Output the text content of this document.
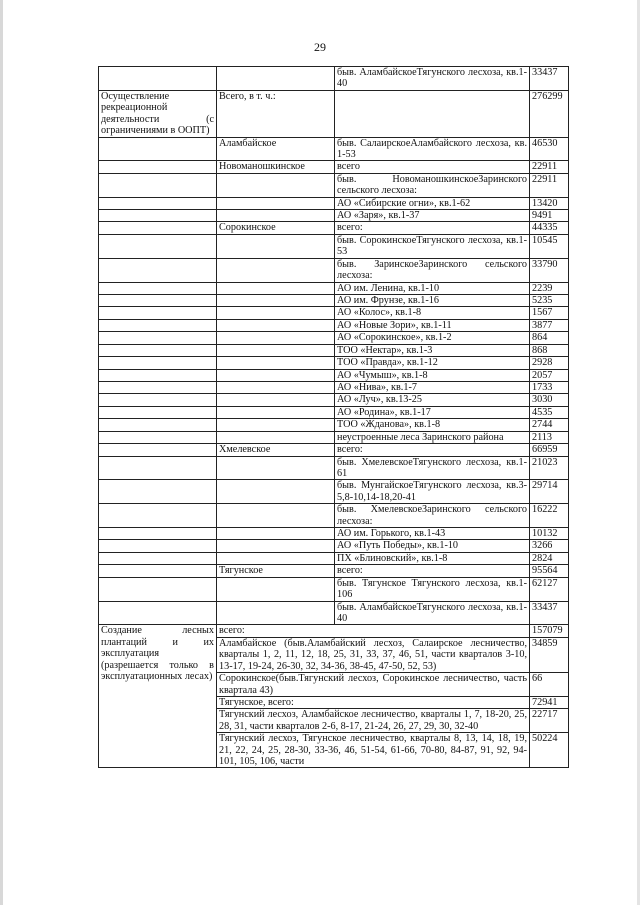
29
		быв. АламбайскоеТягунского лесхоза, кв.1-40	33437
Осуществление рекреационной деятельности (с ограничениями в ООПТ)	Всего, в т. ч.:		276299
	Аламбайское	быв. СалаирскоеАламбайского лесхоза, кв. 1-53	46530
	Новоманошкинское	всего	22911
		быв. НовоманошкинскоеЗаринского сельского лесхоза:	22911
		АО «Сибирские огни», кв.1-62	13420
		АО «Заря», кв.1-37	9491
	Сорокинское	всего:	44335
		быв. СорокинскоеТягунского лесхоза, кв.1-53	10545
		быв. ЗаринскоеЗаринского сельского лесхоза:	33790
		АО им. Ленина, кв.1-10	2239
		АО им. Фрунзе, кв.1-16	5235
		АО «Колос», кв.1-8	1567
		АО «Новые Зори», кв.1-11	3877
		АО «Сорокинское», кв.1-2	864
		ТОО «Нектар», кв.1-3	868
		ТОО «Правда», кв.1-12	2928
		АО «Чумыш», кв.1-8	2057
		АО «Нива», кв.1-7	1733
		АО «Луч», кв.13-25	3030
		АО «Родина», кв.1-17	4535
		ТОО «Жданова», кв.1-8	2744
		неустроенные леса Заринского района	2113
	Хмелевское	всего:	66959
		быв. ХмелевскоеТягунского лесхоза, кв.1-61	21023
		быв. МунгайскоеТягунского лесхоза, кв.3-5,8-10,14-18,20-41	29714
		быв. ХмелевскоеЗаринского сельского лесхоза:	16222
		АО им. Горького, кв.1-43	10132
		АО «Путь Победы», кв.1-10	3266
		ПХ «Блиновский», кв.1-8	2824
	Тягунское	всего:	95564
		быв. Тягунское Тягунского лесхоза, кв.1-106	62127
		быв. АламбайскоеТягунского лесхоза, кв.1-40	33437
Создание лесных плантаций и их эксплуатация (разрешается только в эксплуатационных лесах)	всего:		157079
	Аламбайское (быв.Аламбайский лесхоз, Салаирское лесничество, кварталы 1, 2, 11, 12, 18, 25, 31, 33, 37, 46, 51, части кварталов 3-10, 13-17, 19-24, 26-30, 32, 34-36, 38-45, 47-50, 52, 53)		34859
	Сорокинское(быв.Тягунский лесхоз, Сорокинское лесничество, часть квартала 43)		66
	Тягунское, всего:		72941
	Тягунский лесхоз, Аламбайское лесничество, кварталы 1, 7, 18-20, 25, 28, 31, части кварталов 2-6, 8-17, 21-24, 26, 27, 29, 30, 32-40		22717
	Тягунский лесхоз, Тягунское лесничество, кварталы 8, 13, 14, 18, 19, 21, 22, 24, 25, 28-30, 33-36, 46, 51-54, 61-66, 70-80, 84-87, 91, 92, 94-101, 105, 106, части		50224
